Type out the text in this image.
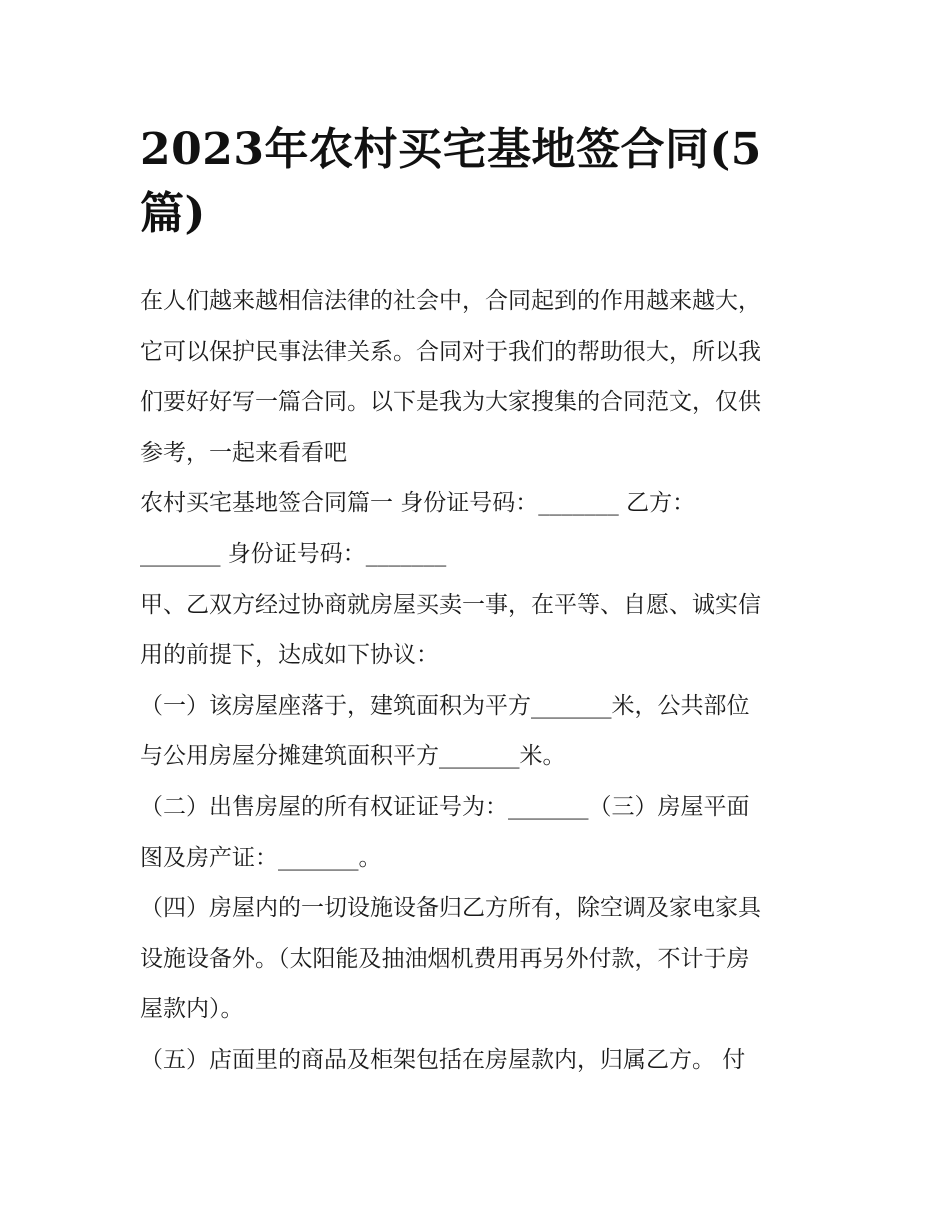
2023年农村买宅基地签合同(5
篇)
在人们越来越相信法律的社会中，合同起到的作用越来越大，
它可以保护民事法律关系。合同对于我们的帮助很大，所以我
们要好好写一篇合同。以下是我为大家搜集的合同范文，仅供
参考，一起来看看吧
农村买宅基地签合同篇一 身份证号码：_______ 乙方：
_______ 身份证号码：_______
甲、乙双方经过协商就房屋买卖一事，在平等、自愿、诚实信
用的前提下，达成如下协议：
（一）该房屋座落于，建筑面积为平方_______米，公共部位
与公用房屋分摊建筑面积平方_______米。
（二）出售房屋的所有权证证号为：_______（三）房屋平面
图及房产证：_______。
（四）房屋内的一切设施设备归乙方所有，除空调及家电家具
设施设备外。（太阳能及抽油烟机费用再另外付款，不计于房
屋款内）。
（五）店面里的商品及柜架包括在房屋款内，归属乙方。 付
